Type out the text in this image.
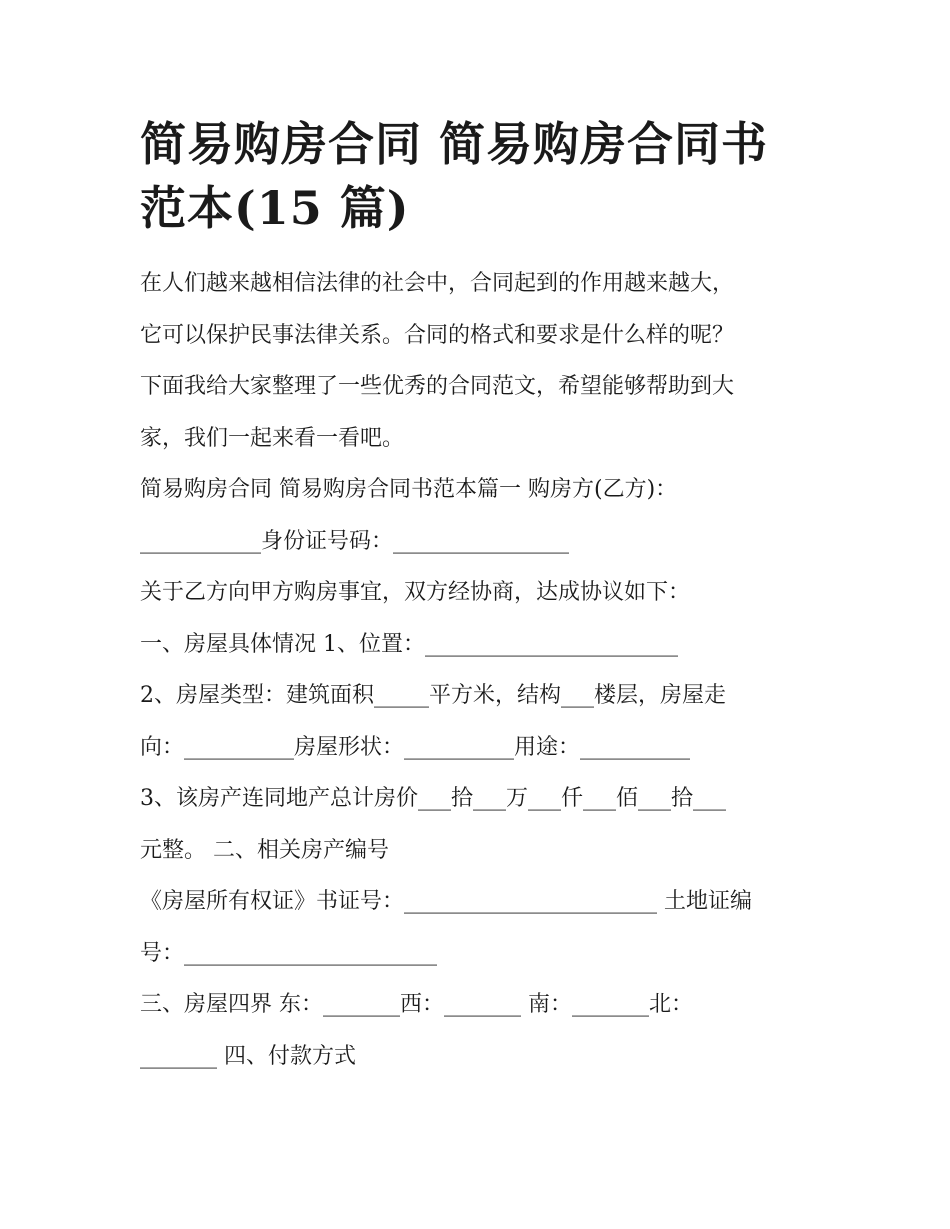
简易购房合同 简易购房合同书
范本(15 篇)
在人们越来越相信法律的社会中，合同起到的作用越来越大，
它可以保护民事法律关系。合同的格式和要求是什么样的呢？
下面我给大家整理了一些优秀的合同范文，希望能够帮助到大
家，我们一起来看一看吧。
简易购房合同 简易购房合同书范本篇一 购房方(乙方)：
___________身份证号码：________________
关于乙方向甲方购房事宜，双方经协商，达成协议如下：
一、房屋具体情况 1、位置：_______________________
2、房屋类型：建筑面积_____平方米，结构___楼层，房屋走
向：__________房屋形状：__________用途：__________
3、该房产连同地产总计房价___拾___万___仟___佰___拾___
元整。 二、相关房产编号
《房屋所有权证》书证号：_______________________ 土地证编
号：_______________________
三、房屋四界 东：_______西：_______ 南：_______北：
_______ 四、付款方式
